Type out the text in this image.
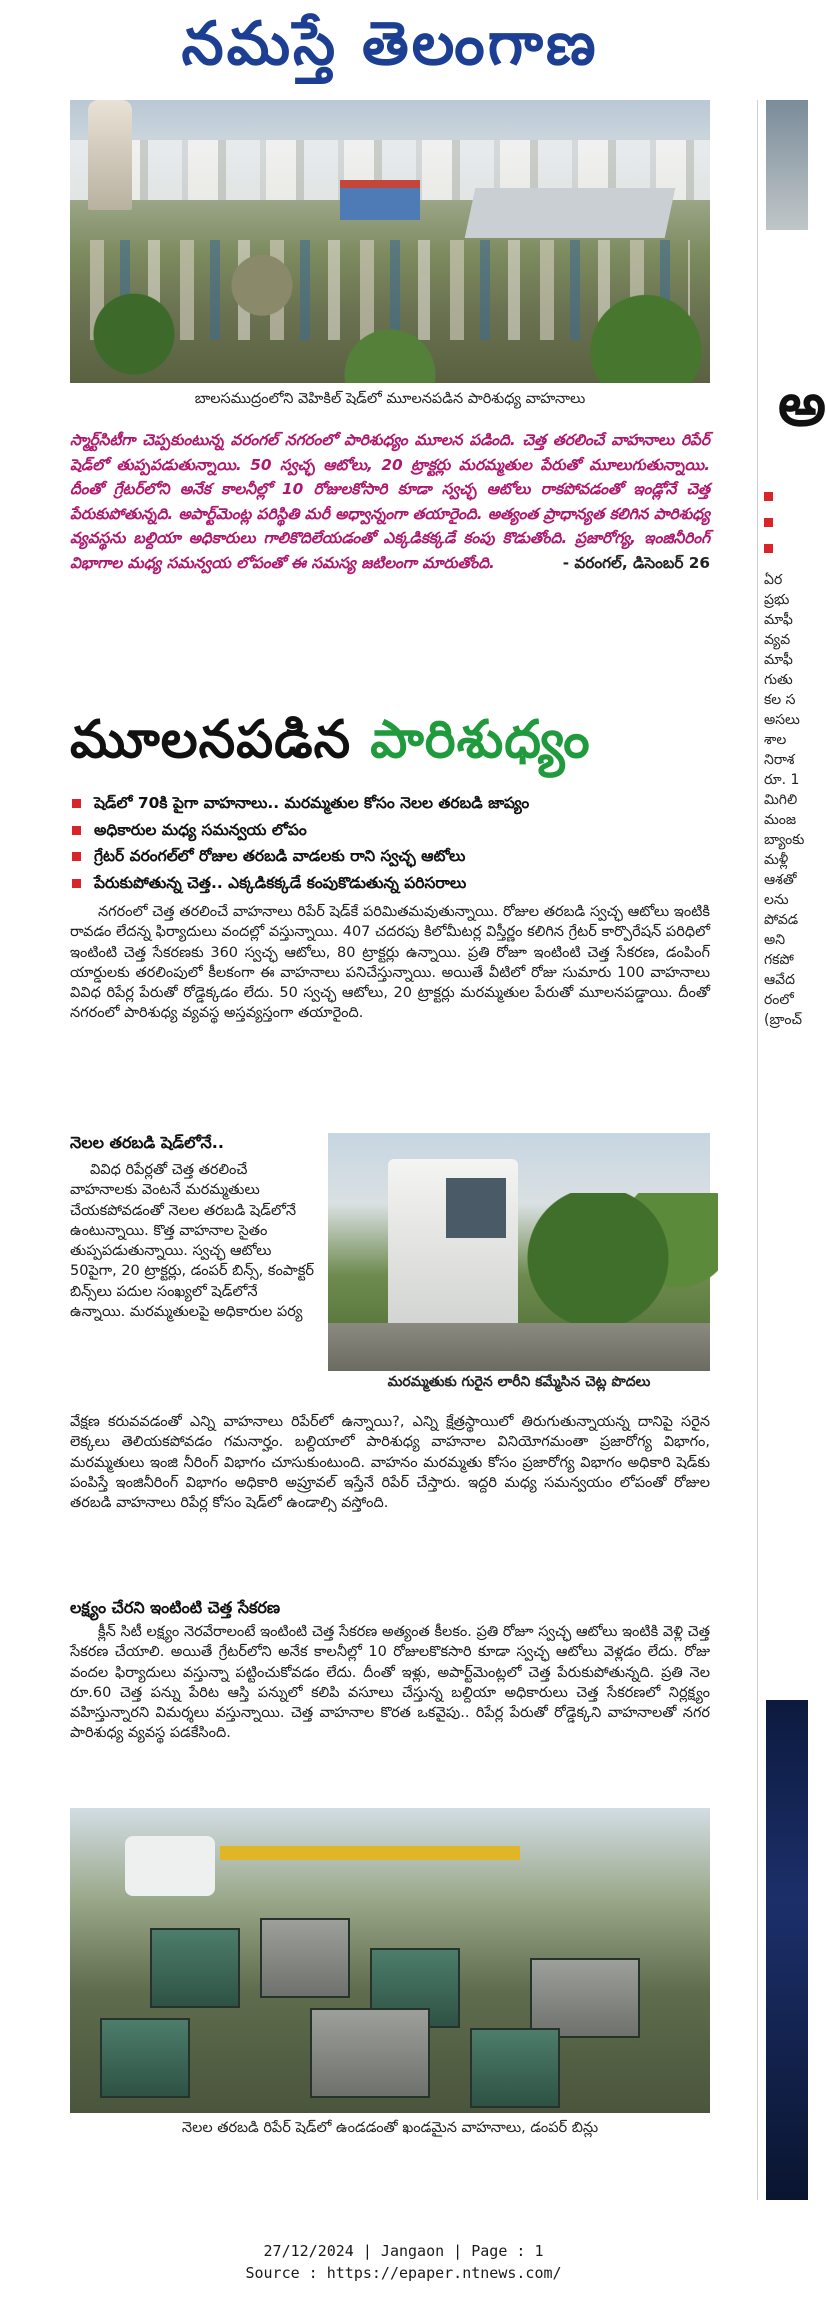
నమస్తే తెలంగాణ
బాలసముద్రంలోని వెహికిల్ షెడ్‌లో మూలనపడిన పారిశుధ్య వాహనాలు
స్మార్ట్‌సిటీగా చెప్పకుంటున్న వరంగల్ నగరంలో పారిశుధ్యం మూలన పడింది. చెత్త తరలించే వాహనాలు రిపేర్ షెడ్‌లో తుప్పపడుతున్నాయి. 50 స్వచ్ఛ ఆటోలు, 20 ట్రాక్టర్లు మరమ్మతుల పేరుతో మూలుగుతున్నాయి. దీంతో గ్రేటర్‌లోని అనేక కాలనీల్లో 10 రోజులకోసారి కూడా స్వచ్ఛ ఆటోలు రాకపోవడంతో ఇండ్లోనే చెత్త పేరుకుపోతున్నది. అపార్ట్‌మెంట్ల పరిస్థితి మరీ అధ్వాన్నంగా తయారైంది. అత్యంత ప్రాధాన్యత కలిగిన పారిశుధ్య వ్యవస్థను బల్దియా అధికారులు గాలికొదిలేయడంతో ఎక్కడికక్కడే కంపు కొడుతోంది. ప్రజారోగ్య, ఇంజినీరింగ్ విభాగాల మధ్య సమన్వయ లోపంతో ఈ సమస్య జటిలంగా మారుతోంది.	- వరంగల్, డిసెంబర్ 26
మూలనపడిన పారిశుధ్యం
షెడ్‌లో 70కి పైగా వాహనాలు.. మరమ్మతుల కోసం నెలల తరబడి జాప్యం
అధికారుల మధ్య సమన్వయ లోపం
గ్రేటర్ వరంగల్‌లో రోజుల తరబడి వాడలకు రాని స్వచ్ఛ ఆటోలు
పేరుకుపోతున్న చెత్త.. ఎక్కడికక్కడే కంపుకొడుతున్న పరిసరాలు
నగరంలో చెత్త తరలించే వాహనాలు రిపేర్ షెడ్‌కే పరిమితమవుతున్నాయి. రోజుల తరబడి స్వచ్ఛ ఆటోలు ఇంటికి రావడం లేదన్న ఫిర్యాదులు వందల్లో వస్తున్నాయి. 407 చదరపు కిలోమీటర్ల విస్తీర్ణం కలిగిన గ్రేటర్ కార్పొరేషన్ పరిధిలో ఇంటింటి చెత్త సేకరణకు 360 స్వచ్ఛ ఆటోలు, 80 ట్రాక్టర్లు ఉన్నాయి. ప్రతి రోజూ ఇంటింటి చెత్త సేకరణ, డంపింగ్ యార్డులకు తరలింపులో కీలకంగా ఈ వాహనాలు పనిచేస్తున్నాయి. అయితే వీటిలో రోజు సుమారు 100 వాహనాలు వివిధ రిపేర్ల పేరుతో రోడ్డెక్కడం లేదు. 50 స్వచ్ఛ ఆటోలు, 20 ట్రాక్టర్లు మరమ్మతుల పేరుతో మూలనపడ్డాయి. దీంతో నగరంలో పారిశుధ్య వ్యవస్థ అస్తవ్యస్తంగా తయారైంది.
నెలల తరబడి షెడ్‌లోనే..
వివిధ రిపేర్లతో చెత్త తరలించే వాహనాలకు వెంటనే మరమ్మతులు చేయకపోవడంతో నెలల తరబడి షెడ్‌లోనే ఉంటున్నాయి. కొత్త వాహనాల సైతం తుప్పపడుతున్నాయి. స్వచ్ఛ ఆటోలు 50పైగా, 20 ట్రాక్టర్లు, డంపర్ బిన్స్, కంపాక్టర్ బిన్స్‌లు పదుల సంఖ్యలో షెడ్‌లోనే ఉన్నాయి. మరమ్మతులపై అధికారుల పర్య
మరమ్మతుకు గురైన లారీని కమ్మేసిన చెట్ల పొదలు
వేక్షణ కరువవడంతో ఎన్ని వాహనాలు రిపేర్‌లో ఉన్నాయి?, ఎన్ని క్షేత్రస్థాయిలో తిరుగుతున్నాయన్న దానిపై సరైన లెక్కలు తెలియకపోవడం గమనార్హం. బల్దియాలో పారిశుధ్య వాహనాల వినియోగమంతా ప్రజారోగ్య విభాగం, మరమ్మతులు ఇంజి నీరింగ్ విభాగం చూసుకుంటుంది. వాహనం మరమ్మతు కోసం ప్రజారోగ్య విభాగం అధికారి షెడ్‌కు పంపిస్తే ఇంజినీరింగ్ విభాగం అధికారి అప్రూవల్ ఇస్తేనే రిపేర్ చేస్తారు. ఇద్దరి మధ్య సమన్వయం లోపంతో రోజుల తరబడి వాహనాలు రిపేర్ల కోసం షెడ్‌లో ఉండాల్సి వస్తోంది.
లక్ష్యం చేరని ఇంటింటి చెత్త సేకరణ
క్లీన్ సిటీ లక్ష్యం నెరవేరాలంటే ఇంటింటి చెత్త సేకరణ అత్యంత కీలకం. ప్రతి రోజూ స్వచ్ఛ ఆటోలు ఇంటికి వెళ్లి చెత్త సేకరణ చేయాలి. అయితే గ్రేటర్‌లోని అనేక కాలనీల్లో 10 రోజులకొకసారి కూడా స్వచ్ఛ ఆటోలు వెళ్లడం లేదు. రోజు వందల ఫిర్యాదులు వస్తున్నా పట్టించుకోవడం లేదు. దీంతో ఇళ్లు, అపార్ట్‌మెంట్లలో చెత్త పేరుకుపోతున్నది. ప్రతి నెల రూ.60 చెత్త పన్ను పేరిట ఆస్తి పన్నులో కలిపి వసూలు చేస్తున్న బల్దియా అధికారులు చెత్త సేకరణలో నిర్లక్ష్యం వహిస్తున్నారని విమర్శలు వస్తున్నాయి. చెత్త వాహనాల కొరత ఒకవైపు.. రిపేర్ల పేరుతో రోడ్డెక్కని వాహనాలతో నగర పారిశుధ్య వ్యవస్థ పడకేసింది.
నెలల తరబడి రిపేర్ షెడ్‌లో ఉండడంతో ఖండమైన వాహనాలు, డంపర్ బిన్లు
అ
ఏర
ప్రభు
మాఫీ
వ్యవ
మాఫీ
గుతు
కల స
అసలు
శాల
నిరాశ
రూ. 1
మిగిలి
మంజ
బ్యాంకు
మళ్లీ
ఆశతో
లను
పోవడ
అని
గకపో
ఆవేద
రంలో
(బ్రాంచ్
27/12/2024 | Jangaon | Page : 1
Source : https://epaper.ntnews.com/
